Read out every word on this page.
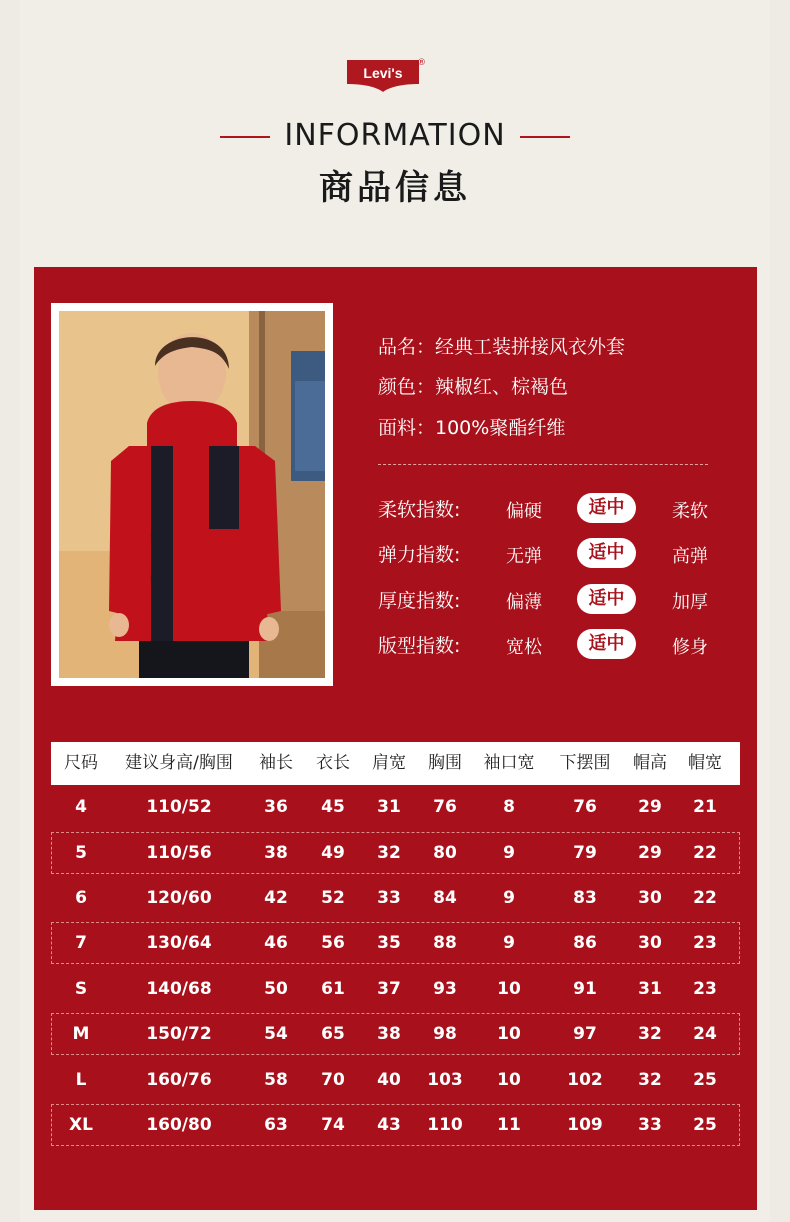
Levi's
®
INFORMATION
商品信息
levi's
品名：经典工装拼接风衣外套
颜色：辣椒红、棕褐色
面料：100%聚酯纤维
柔软指数:	偏硬	适中	柔软
弹力指数:	无弹	适中	高弹
厚度指数:	偏薄	适中	加厚
版型指数:	宽松	适中	修身
尺码	建议身高/胸围	袖长	衣长	肩宽	胸围	袖口宽	下摆围	帽高	帽宽
4	110/52	36	45	31	76	8	76	29	21
5	110/56	38	49	32	80	9	79	29	22
6	120/60	42	52	33	84	9	83	30	22
7	130/64	46	56	35	88	9	86	30	23
S	140/68	50	61	37	93	10	91	31	23
M	150/72	54	65	38	98	10	97	32	24
L	160/76	58	70	40	103	10	102	32	25
XL	160/80	63	74	43	110	11	109	33	25
